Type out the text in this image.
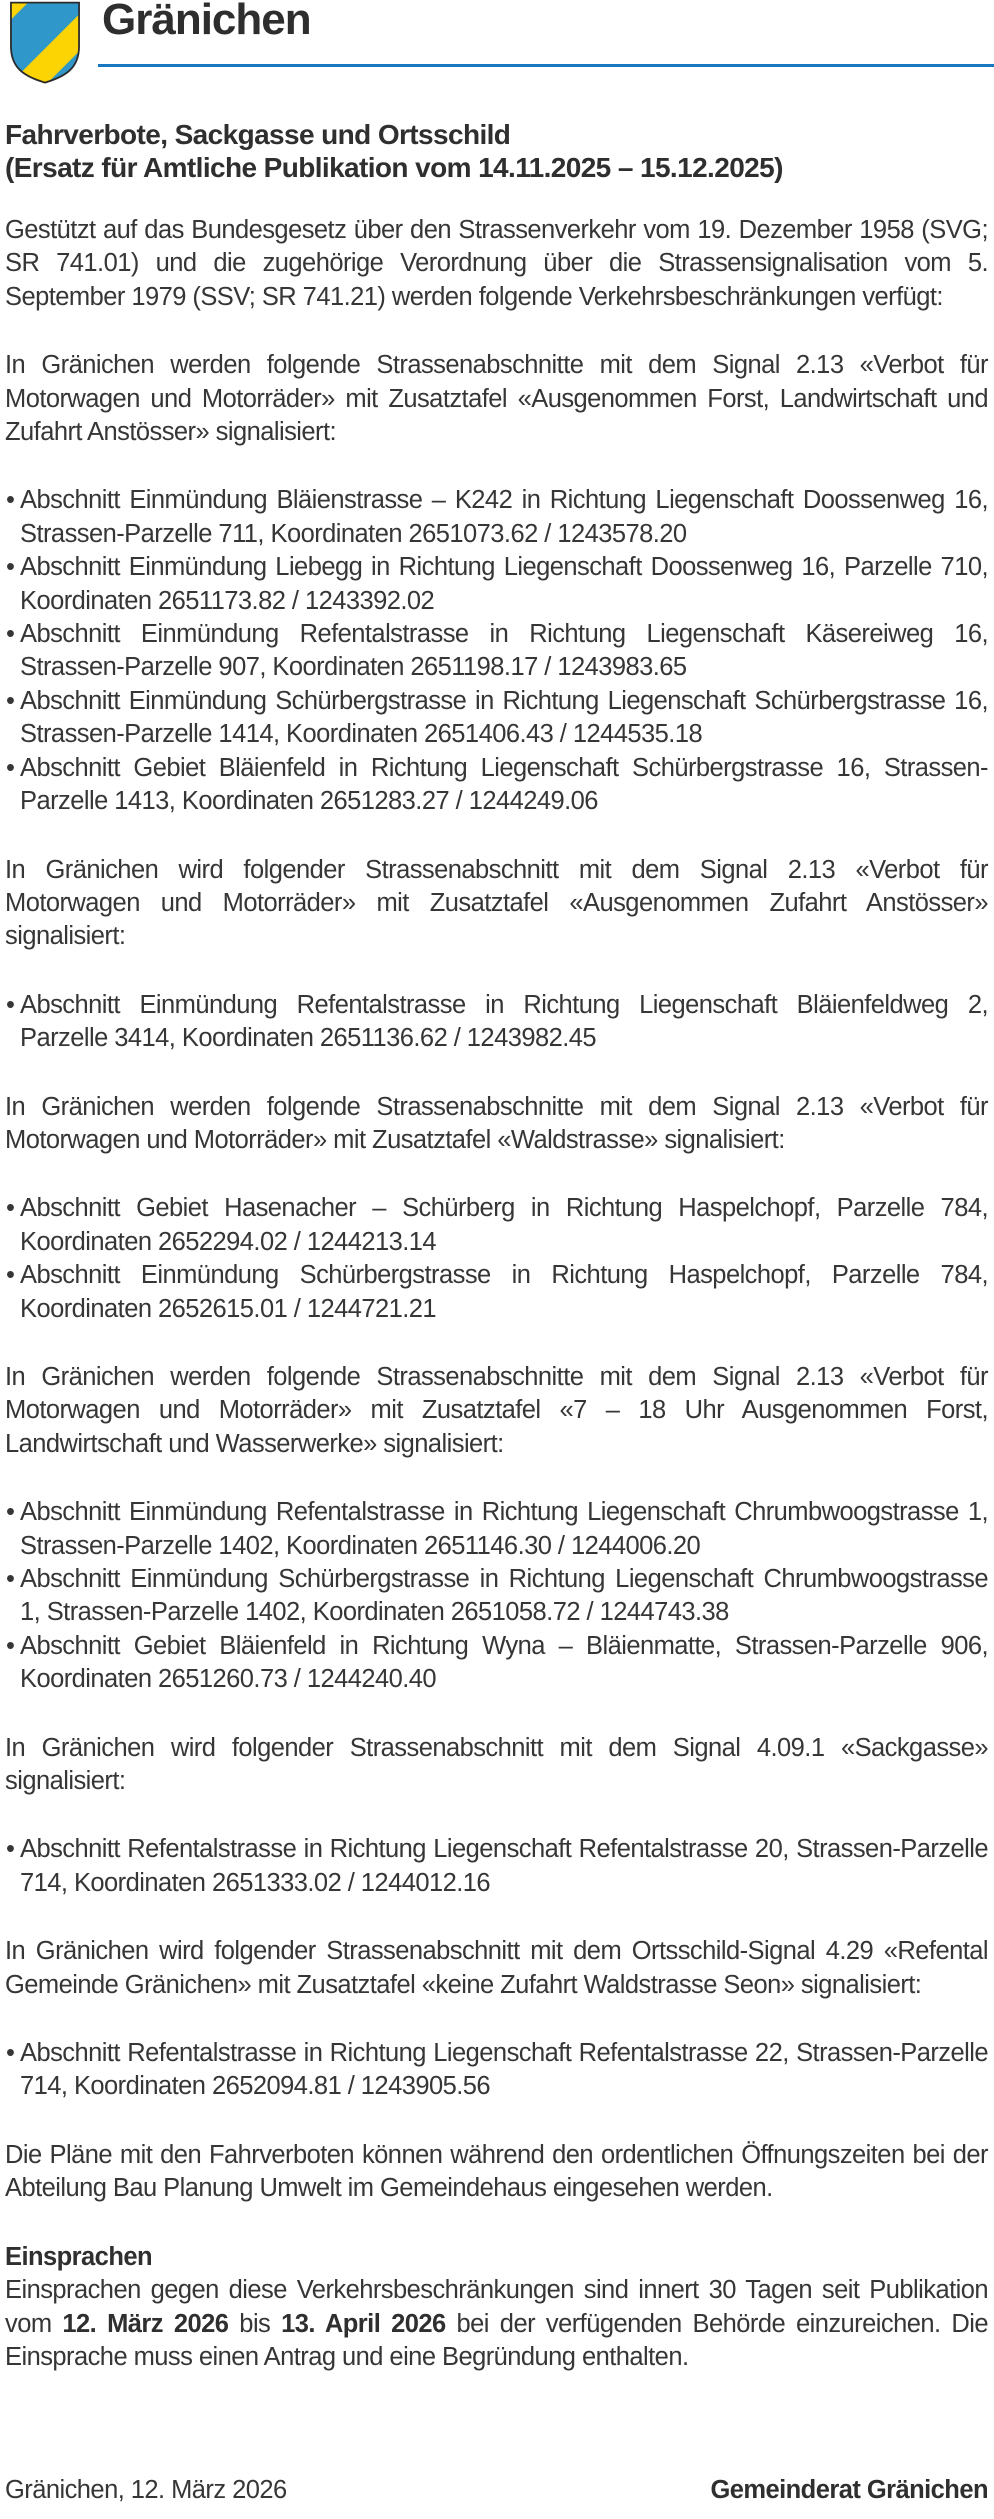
Gränichen
Fahrverbote, Sackgasse und Ortsschild
(Ersatz für Amtliche Publikation vom 14.11.2025 – 15.12.2025)

Gestützt auf das Bundesgesetz über den Strassenverkehr vom 19. Dezember 1958 (SVG; SR 741.01) und die zugehörige Verordnung über die Strassensignalisation vom 5. September 1979 (SSV; SR 741.21) werden folgende Verkehrsbeschränkungen verfügt:

In Gränichen werden folgende Strassenabschnitte mit dem Signal 2.13 «Verbot für Motorwagen und Motorräder» mit Zusatztafel «Ausgenommen Forst, Landwirtschaft und Zufahrt Anstösser» signalisiert:

• Abschnitt Einmündung Bläienstrasse – K242 in Richtung Liegenschaft Doossenweg 16, Strassen-Parzelle 711, Koordinaten 2651073.62 / 1243578.20
• Abschnitt Einmündung Liebegg in Richtung Liegenschaft Doossenweg 16, Parzelle 710, Koordinaten 2651173.82 / 1243392.02
• Abschnitt Einmündung Refentalstrasse in Richtung Liegenschaft Käsereiweg 16, Strassen-Parzelle 907, Koordinaten 2651198.17 / 1243983.65
• Abschnitt Einmündung Schürbergstrasse in Richtung Liegenschaft Schürbergstrasse 16, Strassen-Parzelle 1414, Koordinaten 2651406.43 / 1244535.18
• Abschnitt Gebiet Bläienfeld in Richtung Liegenschaft Schürbergstrasse 16, Strassen-Parzelle 1413, Koordinaten 2651283.27 / 1244249.06

In Gränichen wird folgender Strassenabschnitt mit dem Signal 2.13 «Verbot für Motorwagen und Motorräder» mit Zusatztafel «Ausgenommen Zufahrt Anstösser» signalisiert:

• Abschnitt Einmündung Refentalstrasse in Richtung Liegenschaft Bläienfeldweg 2, Parzelle 3414, Koordinaten 2651136.62 / 1243982.45

In Gränichen werden folgende Strassenabschnitte mit dem Signal 2.13 «Verbot für Motorwagen und Motorräder» mit Zusatztafel «Waldstrasse» signalisiert:

• Abschnitt Gebiet Hasenacher – Schürberg in Richtung Haspelchopf, Parzelle 784, Koordinaten 2652294.02 / 1244213.14
• Abschnitt Einmündung Schürbergstrasse in Richtung Haspelchopf, Parzelle 784, Koordinaten 2652615.01 / 1244721.21

In Gränichen werden folgende Strassenabschnitte mit dem Signal 2.13 «Verbot für Motorwagen und Motorräder» mit Zusatztafel «7 – 18 Uhr Ausgenommen Forst, Landwirtschaft und Wasserwerke» signalisiert:

• Abschnitt Einmündung Refentalstrasse in Richtung Liegenschaft Chrumbwoogstrasse 1, Strassen-Parzelle 1402, Koordinaten 2651146.30 / 1244006.20
• Abschnitt Einmündung Schürbergstrasse in Richtung Liegenschaft Chrumbwoogstrasse 1, Strassen-Parzelle 1402, Koordinaten 2651058.72 / 1244743.38
• Abschnitt Gebiet Bläienfeld in Richtung Wyna – Bläienmatte, Strassen-Parzelle 906, Koordinaten 2651260.73 / 1244240.40

In Gränichen wird folgender Strassenabschnitt mit dem Signal 4.09.1 «Sackgasse» signalisiert:

• Abschnitt Refentalstrasse in Richtung Liegenschaft Refentalstrasse 20, Strassen-Parzelle 714, Koordinaten 2651333.02 / 1244012.16

In Gränichen wird folgender Strassenabschnitt mit dem Ortsschild-Signal 4.29 «Refental Gemeinde Gränichen» mit Zusatztafel «keine Zufahrt Waldstrasse Seon» signalisiert:

• Abschnitt Refentalstrasse in Richtung Liegenschaft Refentalstrasse 22, Strassen-Parzelle 714, Koordinaten 2652094.81 / 1243905.56

Die Pläne mit den Fahrverboten können während den ordentlichen Öffnungszeiten bei der Abteilung Bau Planung Umwelt im Gemeindehaus eingesehen werden.

Einsprachen

Einsprachen gegen diese Verkehrsbeschränkungen sind innert 30 Tagen seit Publikation vom 12. März 2026 bis 13. April 2026 bei der verfügenden Behörde einzureichen. Die Einsprache muss einen Antrag und eine Begründung enthalten.

Gränichen, 12. März 2026	Gemeinderat Gränichen
